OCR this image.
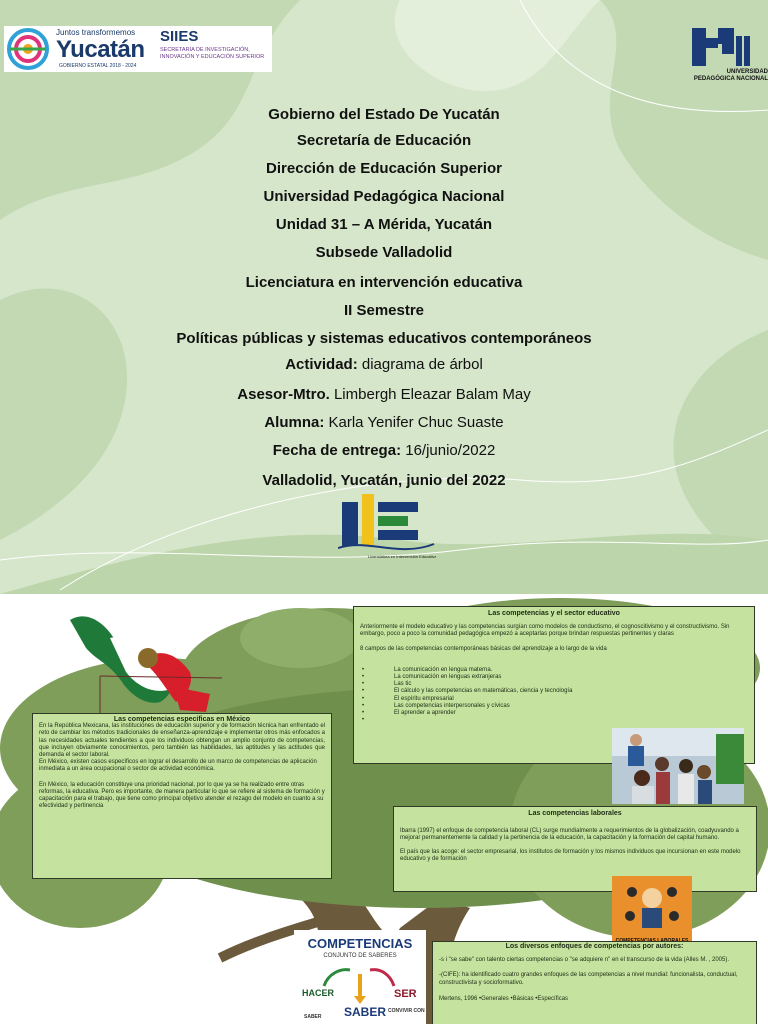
Juntos transformemos
Yucatán
GOBIERNO ESTATAL 2018 - 2024
SIIES
SECRETARÍA DE INVESTIGACIÓN, INNOVACIÓN Y EDUCACIÓN SUPERIOR
UNIVERSIDAD PEDAGÓGICA NACIONAL
Gobierno del Estado De Yucatán
Secretaría de Educación
Dirección de Educación Superior
Universidad Pedagógica Nacional
Unidad 31 – A Mérida, Yucatán
Subsede Valladolid
Licenciatura en intervención educativa
II Semestre
Políticas públicas y sistemas educativos contemporáneos
Actividad: diagrama de árbol
Asesor-Mtro. Limbergh Eleazar Balam May
Alumna: Karla Yenifer Chuc Suaste
Fecha de entrega: 16/junio/2022
Valladolid, Yucatán, junio del 2022
Licenciatura en Intervención Educativa
Las competencias y el sector educativo

Anteriormente el modelo educativo y las competencias surgían como modelos de conductismo, el cognoscitivismo y el constructivismo. Sin embargo, poco a poco la comunidad pedagógica empezó a aceptarlas porque brindan respuestas pertinentes y claras

8 campos de las competencias contemporáneas básicas del aprendizaje a lo largo de la vida

• La comunicación en lengua materna.
• La comunicación en lenguas extranjeras
• Las tic
• El cálculo y las competencias en matemáticas, ciencia y tecnología
• El espíritu empresarial
• Las competencias interpersonales y cívicas
• El aprender a aprender
Las competencias especificas en México

En la República Mexicana, las instituciones de educación superior y de formación técnica han enfrentado el reto de cambiar los métodos tradicionales de enseñanza-aprendizaje e implementar otros más enfocados a las necesidades actuales tendientes a que los individuos obtengan un amplio conjunto de competencias, que incluyen obviamente conocimientos, pero también las habilidades, las aptitudes y las actitudes que demanda el sector laboral.

En México, existen casos específicos en lograr el desarrollo de un marco de competencias de aplicación inmediata a un área ocupacional o sector de actividad económica.

En México, la educación constituye una prioridad nacional, por lo que ya se ha realizado entre otras reformas, la educativa. Pero es importante, de manera particular lo que se refiere al sistema de formación y capacitación para el trabajo, que tiene como principal objetivo atender el rezago del modelo en cuanto a su efectividad y pertinencia

Las competencias laborales

Ibarra (1997) el enfoque de competencia laboral (CL) surge mundialmente a requerimientos de la globalización, coadyuvando a mejorar permanentemente la calidad y la pertinencia de la educación, la capacitación y la formación del capital humano.

El país que las acoge: el sector empresarial, los institutos de formación y los mismos individuos que incursionan en este modelo educativo y de formación

COMPETENCIAS
CONJUNTO DE SABERES
HACER	SER
SABER CONVIVIR CON
SABER
Los diversos enfoques de competencias por autores:

-s i "se sabe" con talento ciertas competencias o "se adquiere n" en el transcurso de la vida (Alles M. , 2005).

-(CIFE): ha identificado cuatro grandes enfoques de las competencias a nivel mundial: funcionalista, conductual, constructivista y socioformativo.

Mertens, 1996 •Generales •Básicas •Específicas
